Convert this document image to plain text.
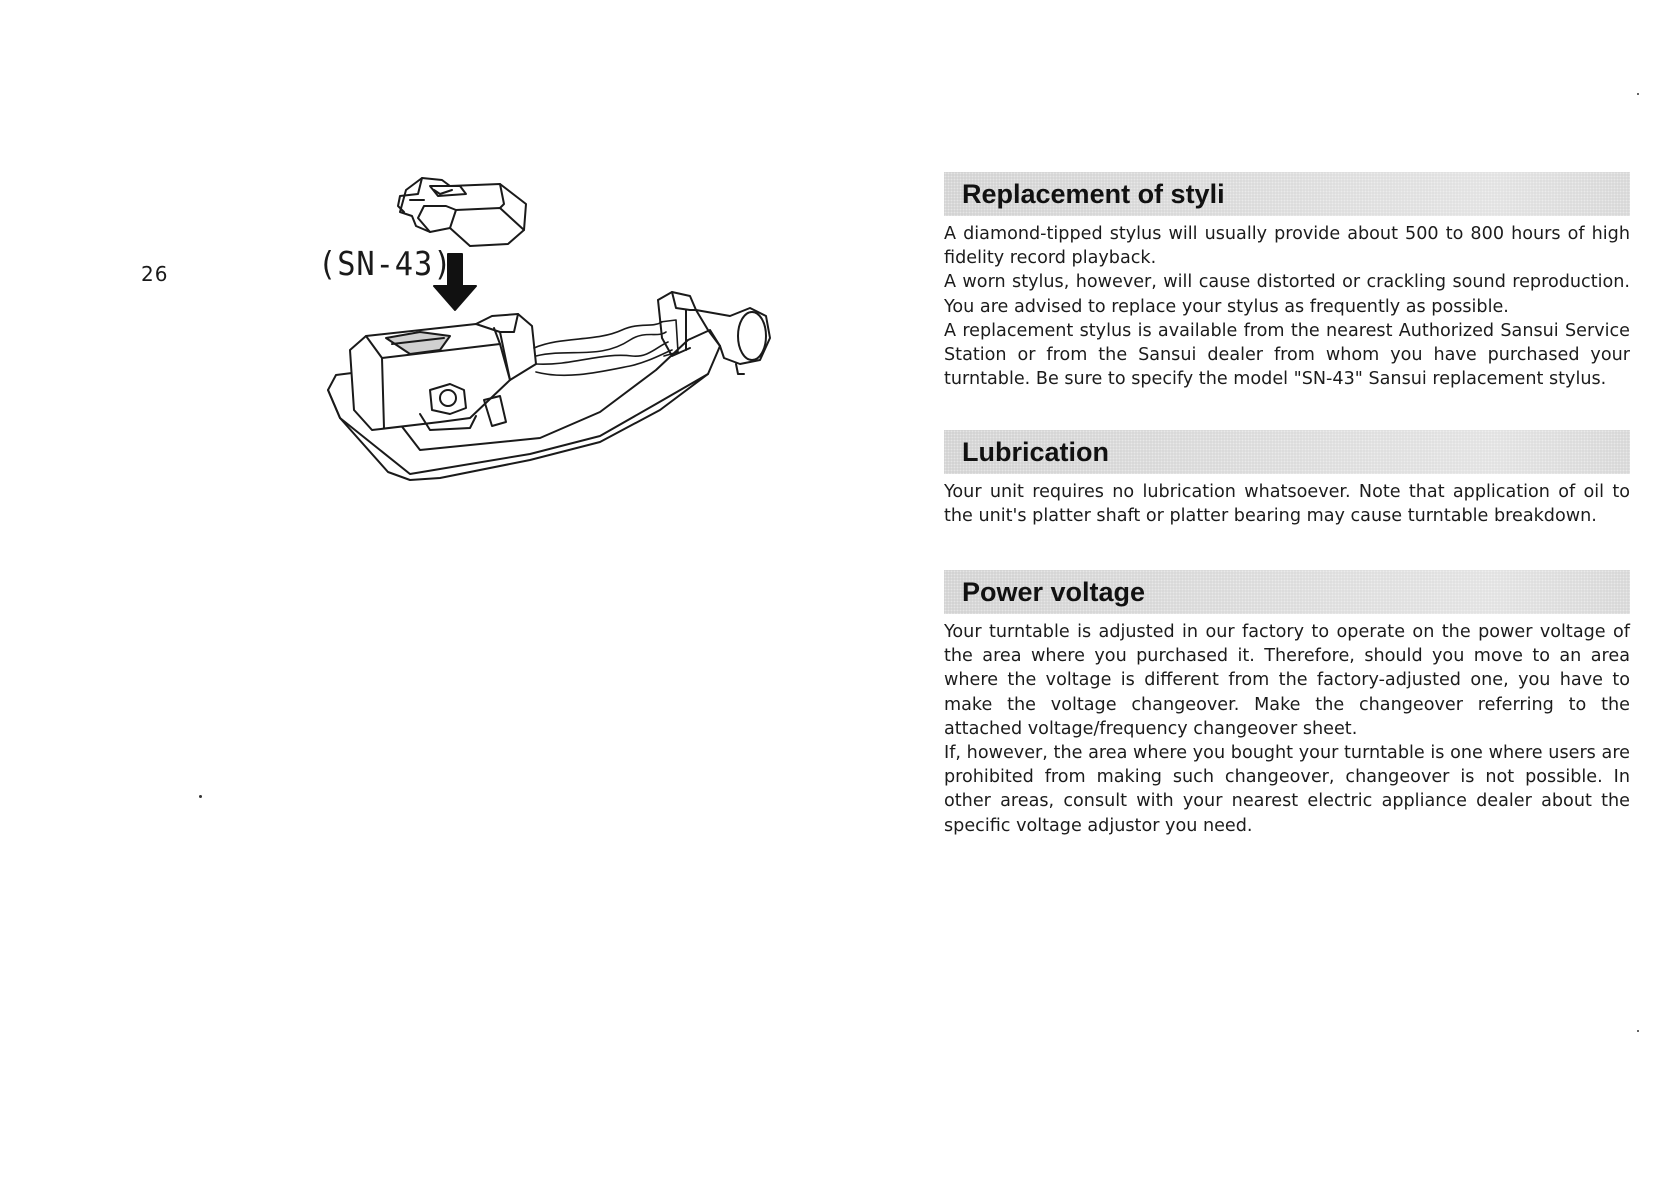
26	(SN-43)
Replacement of styli

A diamond-tipped stylus will usually provide about 500 to 800 hours of high fidelity record playback.

A worn stylus, however, will cause distorted or crackling sound reproduction. You are advised to replace your stylus as frequently as possible.

A replacement stylus is available from the nearest Authorized Sansui Service Station or from the Sansui dealer from whom you have purchased your turntable. Be sure to specify the model "SN-43" Sansui replacement stylus.

Lubrication

Your unit requires no lubrication whatsoever. Note that application of oil to the unit's platter shaft or platter bearing may cause turntable breakdown.

Power voltage

Your turntable is adjusted in our factory to operate on the power voltage of the area where you purchased it. Therefore, should you move to an area where the voltage is different from the factory-adjusted one, you have to make the voltage changeover. Make the changeover referring to the attached voltage/frequency changeover sheet.

If, however, the area where you bought your turntable is one where users are prohibited from making such changeover, changeover is not possible. In other areas, consult with your nearest electric appliance dealer about the specific voltage adjustor you need.
